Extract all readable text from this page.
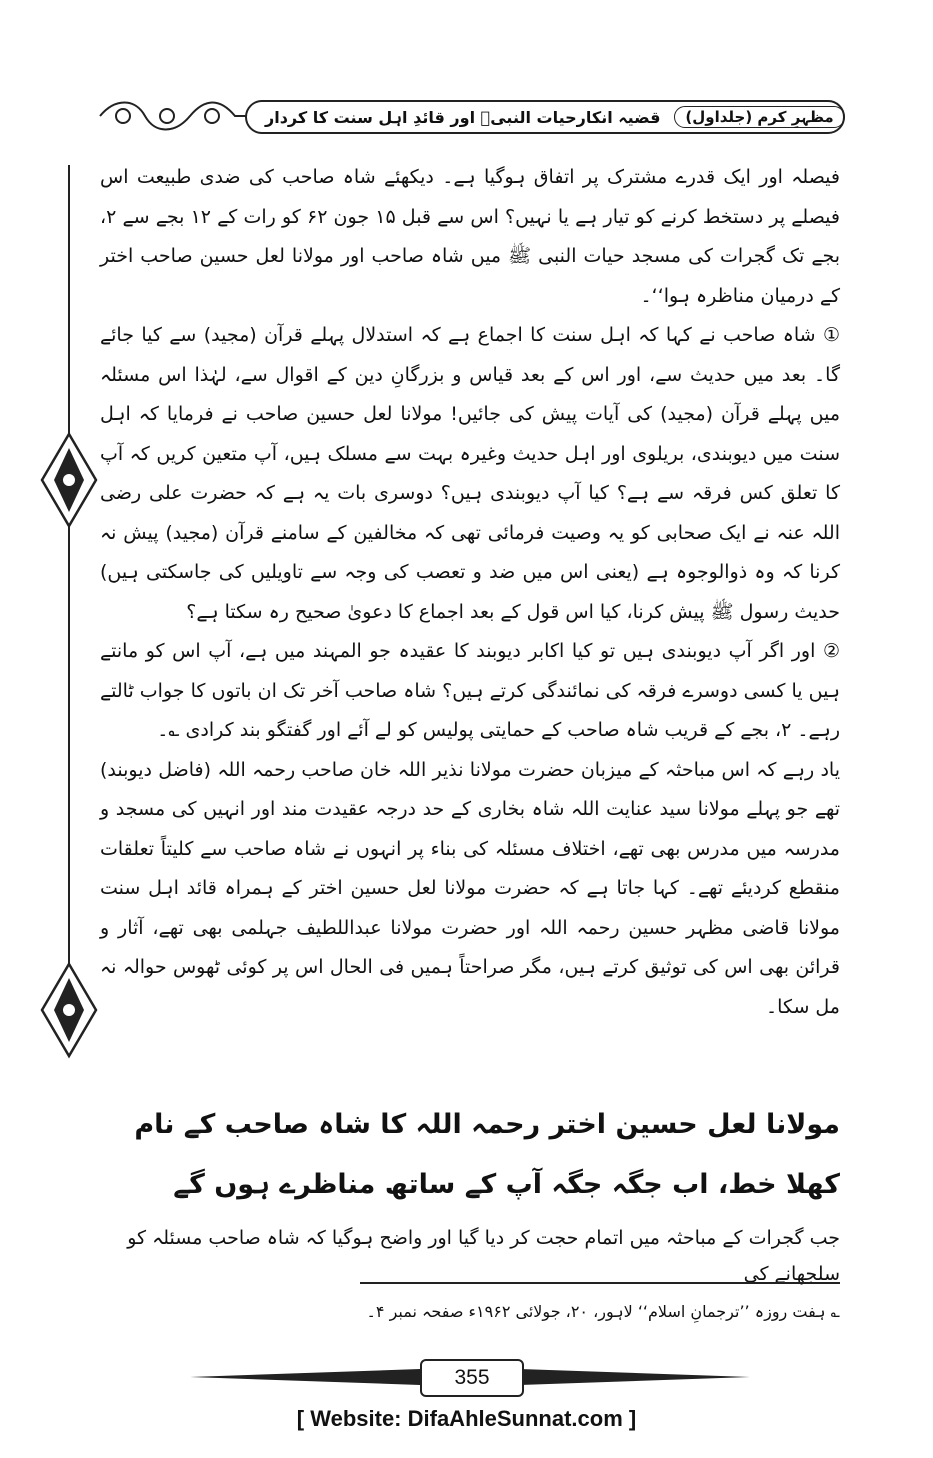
مظہرِ کرم (جلداول)
قضیہ انکارحیات النبیؐ اور قائدِ اہل سنت کا کردار

فیصلہ اور ایک قدرے مشترک پر اتفاق ہوگیا ہے۔ دیکھئے شاہ صاحب کی ضدی طبیعت اس فیصلے پر دستخط کرنے کو تیار ہے یا نہیں؟ اس سے قبل ۱۵ جون ۶۲ کو رات کے ۱۲ بجے سے ۲، بجے تک گجرات کی مسجد حیات النبی ﷺ میں شاہ صاحب اور مولانا لعل حسین صاحب اختر کے درمیان مناظرہ ہوا‘‘۔

① شاہ صاحب نے کہا کہ اہل سنت کا اجماع ہے کہ استدلال پہلے قرآن (مجید) سے کیا جائے گا۔ بعد میں حدیث سے، اور اس کے بعد قیاس و بزرگانِ دین کے اقوال سے، لہٰذا اس مسئلہ میں پہلے قرآن (مجید) کی آیات پیش کی جائیں! مولانا لعل حسین صاحب نے فرمایا کہ اہل سنت میں دیوبندی، بریلوی اور اہل حدیث وغیرہ بہت سے مسلک ہیں، آپ متعین کریں کہ آپ کا تعلق کس فرقہ سے ہے؟ کیا آپ دیوبندی ہیں؟ دوسری بات یہ ہے کہ حضرت علی رضی اللہ عنہ نے ایک صحابی کو یہ وصیت فرمائی تھی کہ مخالفین کے سامنے قرآن (مجید) پیش نہ کرنا کہ وہ ذوالوجوہ ہے (یعنی اس میں ضد و تعصب کی وجہ سے تاویلیں کی جاسکتی ہیں) حدیث رسول ﷺ پیش کرنا، کیا اس قول کے بعد اجماع کا دعویٰ صحیح رہ سکتا ہے؟

② اور اگر آپ دیوبندی ہیں تو کیا اکابر دیوبند کا عقیدہ جو المہند میں ہے، آپ اس کو مانتے ہیں یا کسی دوسرے فرقہ کی نمائندگی کرتے ہیں؟ شاہ صاحب آخر تک ان باتوں کا جواب ٹالتے رہے۔ ۲، بجے کے قریب شاہ صاحب کے حمایتی پولیس کو لے آئے اور گفتگو بند کرادی ؎۔

یاد رہے کہ اس مباحثہ کے میزبان حضرت مولانا نذیر اللہ خان صاحب رحمہ اللہ (فاضل دیوبند) تھے جو پہلے مولانا سید عنایت اللہ شاہ بخاری کے حد درجہ عقیدت مند اور انہیں کی مسجد و مدرسہ میں مدرس بھی تھے، اختلاف مسئلہ کی بناء پر انہوں نے شاہ صاحب سے کلیتاً تعلقات منقطع کردیئے تھے۔ کہا جاتا ہے کہ حضرت مولانا لعل حسین اختر کے ہمراہ قائد اہل سنت مولانا قاضی مظہر حسین رحمہ اللہ اور حضرت مولانا عبداللطیف جہلمی بھی تھے، آثار و قرائن بھی اس کی توثیق کرتے ہیں، مگر صراحتاً ہمیں فی الحال اس پر کوئی ٹھوس حوالہ نہ مل سکا۔

مولانا لعل حسین اختر رحمہ اللہ کا شاہ صاحب کے نام کھلا خط، اب جگہ جگہ آپ کے ساتھ مناظرے ہوں گے
جب گجرات کے مباحثہ میں اتمام حجت کر دیا گیا اور واضح ہوگیا کہ شاہ صاحب مسئلہ کو سلجھانے کی
؎ ہفت روزہ ’’ترجمانِ اسلام‘‘ لاہور، ۲۰، جولائی ۱۹۶۲ء صفحہ نمبر ۴۔
355
[ Website: DifaAhleSunnat.com ]
